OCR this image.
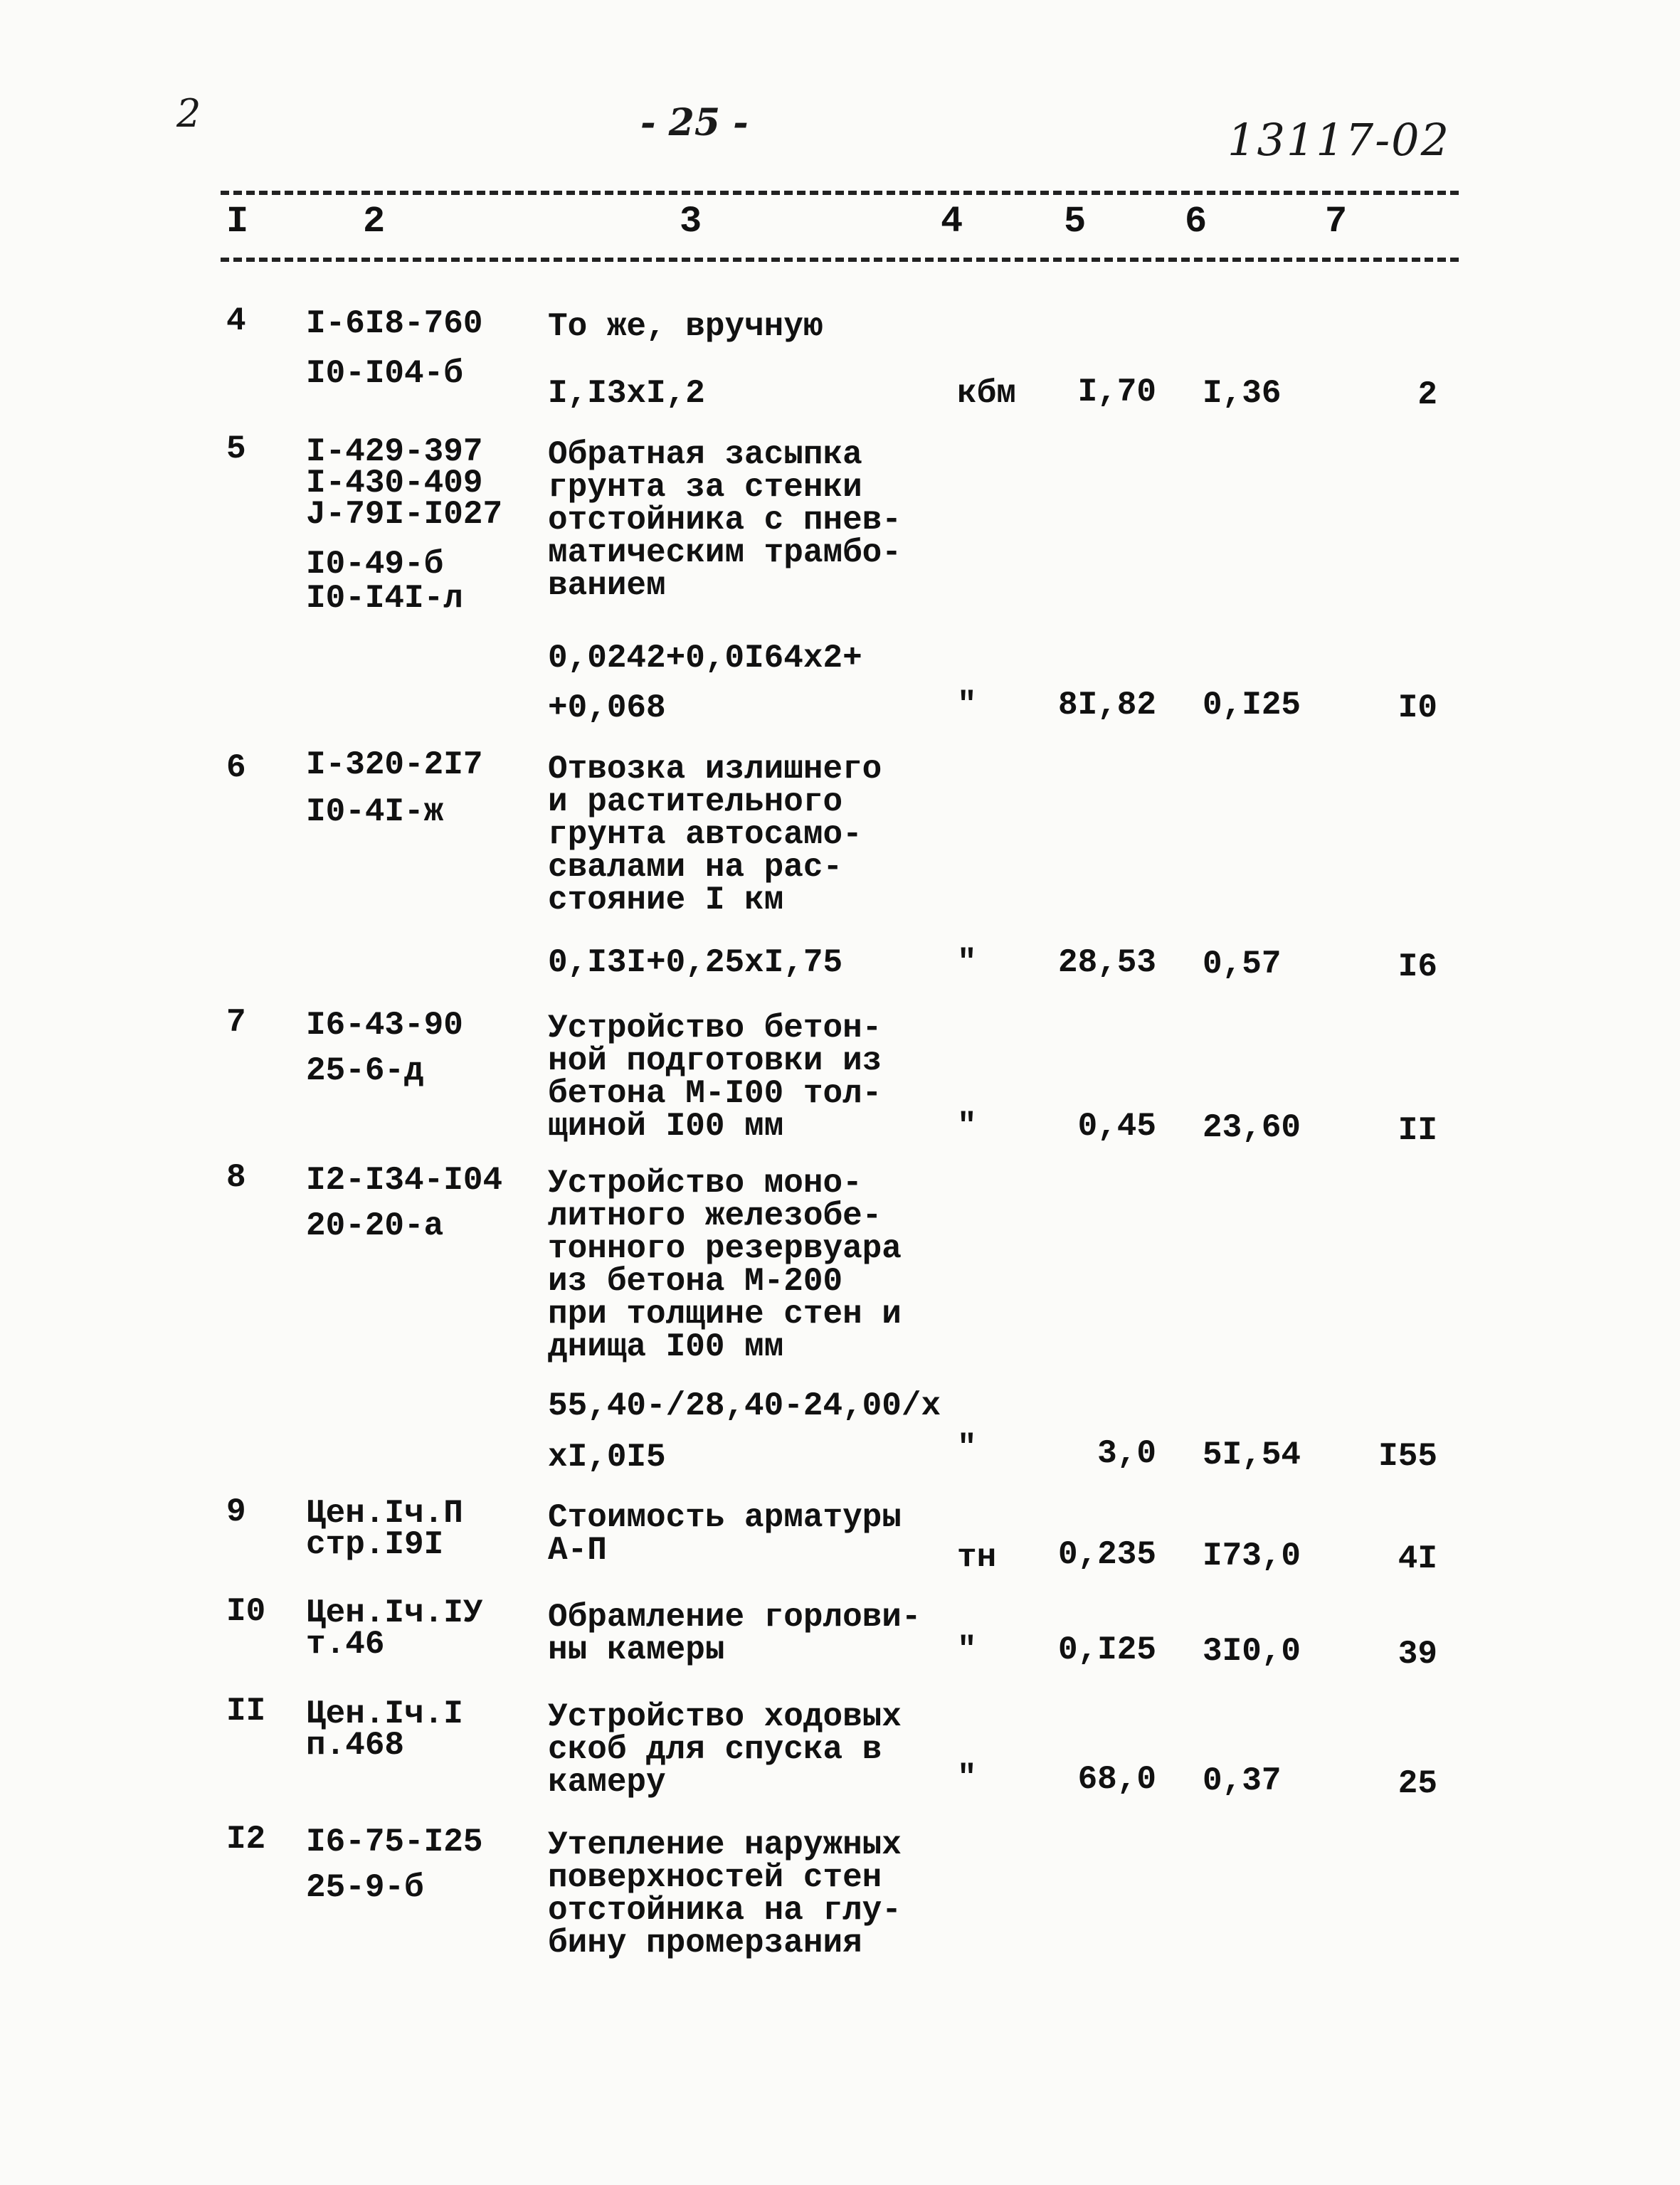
2	- 25 -	13117-02
I	2	3	4	5	6	7
4 I-6I8-760
I0-I04-б
То же, вручную
I,I3xI,2	кбм	I,70 I,36	2
5 I-429-397
I-430-409
J-79I-I027
I0-49-б
I0-I4I-л
Обратная засыпка
грунта за стенки
отстойника с пнев-
матическим трамбо-
ванием
0,0242+0,0I64x2+
+0,068	"	8I,82 0,I25	I0
6 I-320-2I7
I0-4I-ж
Отвозка излишнего
и растительного
грунта автосамо-
свалами на рас-
стояние I км
0,I3I+0,25xI,75	"	28,53 0,57	I6
7 I6-43-90
25-6-д
Устройство бетон-
ной подготовки из
бетона М-I00 тол-
щиной I00 мм	"	0,45 23,60	II
8 I2-I34-I04
20-20-а
Устройство моно-
литного железобе-
тонного резервуара
из бетона М-200
при толщине стен и
днища I00 мм
55,40-/28,40-24,00/x
xI,0I5	"	3,0 5I,54	I55
9 Цен.Iч.П
стр.I9I
Стоимость арматуры
А-П	тн	0,235 I73,0	4I
I0 Цен.Iч.IУ
т.46
Обрамление горлови-
ны камеры	"	0,I25 3I0,0	39
II Цен.Iч.I
п.468
Устройство ходовых
скоб для спуска в
камеру	"	68,0 0,37	25
I2 I6-75-I25
25-9-б
Утепление наружных
поверхностей стен
отстойника на глу-
бину промерзания
